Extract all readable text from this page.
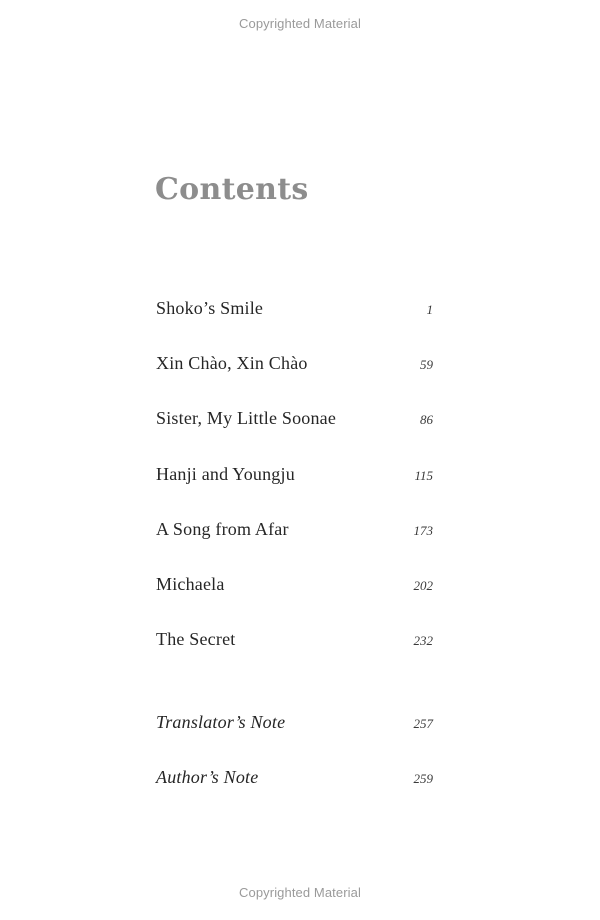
Copyrighted Material
Contents
Shoko’s Smile	1
Xin Chào, Xin Chào	59
Sister, My Little Soonae	86
Hanji and Youngju	115
A Song from Afar	173
Michaela	202
The Secret	232
Translator’s Note	257
Author’s Note	259
Copyrighted Material
